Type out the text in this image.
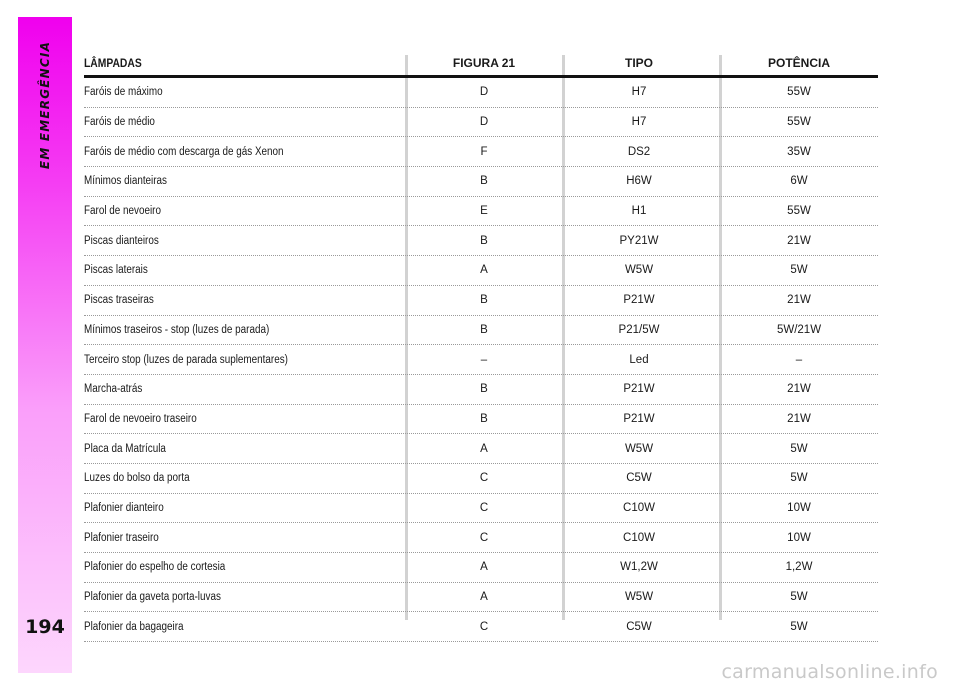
EM EMERGÊNCIA
194
LÂMPADAS	FIGURA 21	TIPO	POTÊNCIA
Faróis de máximo	D	H7	55W
Faróis de médio	D	H7	55W
Faróis de médio com descarga de gás Xenon	F	DS2	35W
Mínimos dianteiras	B	H6W	6W
Farol de nevoeiro	E	H1	55W
Piscas dianteiros	B	PY21W	21W
Piscas laterais	A	W5W	5W
Piscas traseiras	B	P21W	21W
Mínimos traseiros - stop (luzes de parada)	B	P21/5W	5W/21W
Terceiro stop (luzes de parada suplementares)	–	Led	–
Marcha-atrás	B	P21W	21W
Farol de nevoeiro traseiro	B	P21W	21W
Placa da Matrícula	A	W5W	5W
Luzes do bolso da porta	C	C5W	5W
Plafonier dianteiro	C	C10W	10W
Plafonier traseiro	C	C10W	10W
Plafonier do espelho de cortesia	A	W1,2W	1,2W
Plafonier da gaveta porta-luvas	A	W5W	5W
Plafonier da bagageira	C	C5W	5W
carmanualsonline.info
